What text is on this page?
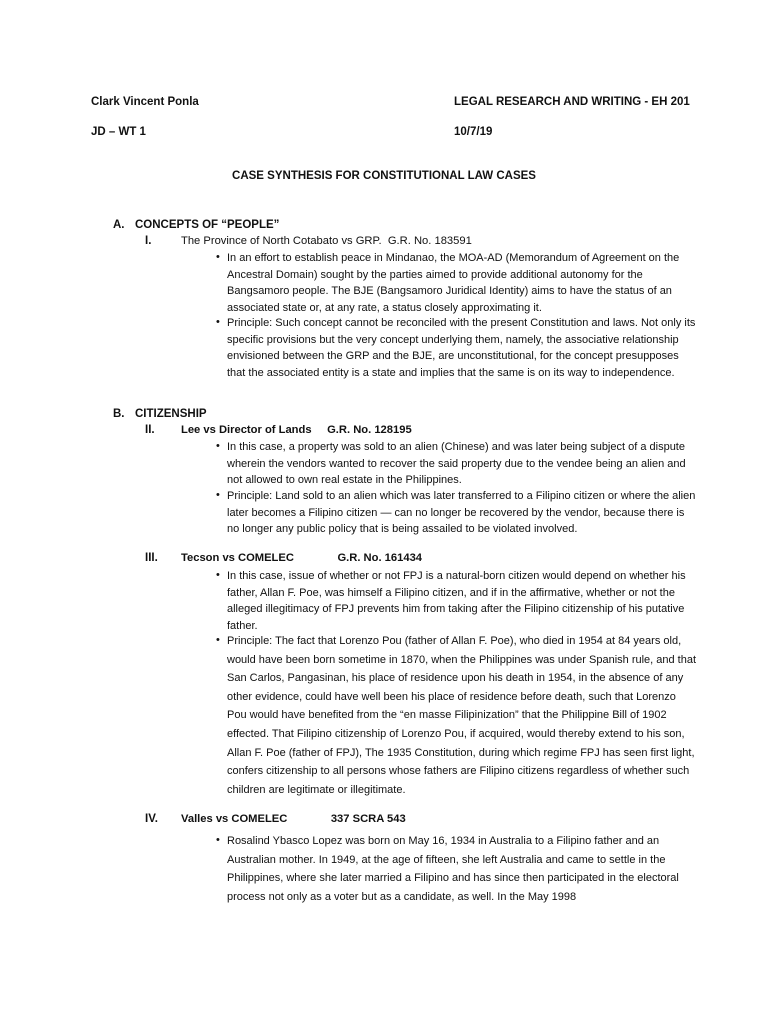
Clark Vincent Ponla	LEGAL RESEARCH AND WRITING - EH 201
JD – WT 1	10/7/19
CASE SYNTHESIS FOR CONSTITUTIONAL LAW CASES
A. CONCEPTS OF “PEOPLE”
I.	The Province of North Cotabato vs GRP.  G.R. No. 183591
• In an effort to establish peace in Mindanao, the MOA-AD (Memorandum of Agreement on the Ancestral Domain) sought by the parties aimed to provide additional autonomy for the Bangsamoro people. The BJE (Bangsamoro Juridical Identity) aims to have the status of an associated state or, at any rate, a status closely approximating it.
• Principle: Such concept cannot be reconciled with the present Constitution and laws. Not only its specific provisions but the very concept underlying them, namely, the associative relationship envisioned between the GRP and the BJE, are unconstitutional, for the concept presupposes that the associated entity is a state and implies that the same is on its way to independence.
B. CITIZENSHIP
II. Lee vs Director of Lands     G.R. No. 128195
• In this case, a property was sold to an alien (Chinese) and was later being subject of a dispute wherein the vendors wanted to recover the said property due to the vendee being an alien and not allowed to own real estate in the Philippines.
• Principle: Land sold to an alien which was later transferred to a Filipino citizen or where the alien later becomes a Filipino citizen — can no longer be recovered by the vendor, because there is no longer any public policy that is being assailed to be violated involved.
III. Tecson vs COMELEC              G.R. No. 161434
• In this case, issue of whether or not FPJ is a natural-born citizen would depend on whether his father, Allan F. Poe, was himself a Filipino citizen, and if in the affirmative, whether or not the alleged illegitimacy of FPJ prevents him from taking after the Filipino citizenship of his putative father.
• Principle: The fact that Lorenzo Pou (father of Allan F. Poe), who died in 1954 at 84 years old, would have been born sometime in 1870, when the Philippines was under Spanish rule, and that San Carlos, Pangasinan, his place of residence upon his death in 1954, in the absence of any other evidence, could have well been his place of residence before death, such that Lorenzo Pou would have benefited from the “en masse Filipinization” that the Philippine Bill of 1902 effected. That Filipino citizenship of Lorenzo Pou, if acquired, would thereby extend to his son, Allan F. Poe (father of FPJ), The 1935 Constitution, during which regime FPJ has seen first light, confers citizenship to all persons whose fathers are Filipino citizens regardless of whether such children are legitimate or illegitimate.
IV. Valles vs COMELEC              337 SCRA 543
• Rosalind Ybasco Lopez was born on May 16, 1934 in Australia to a Filipino father and an Australian mother. In 1949, at the age of fifteen, she left Australia and came to settle in the Philippines, where she later married a Filipino and has since then participated in the electoral process not only as a voter but as a candidate, as well. In the May 1998
